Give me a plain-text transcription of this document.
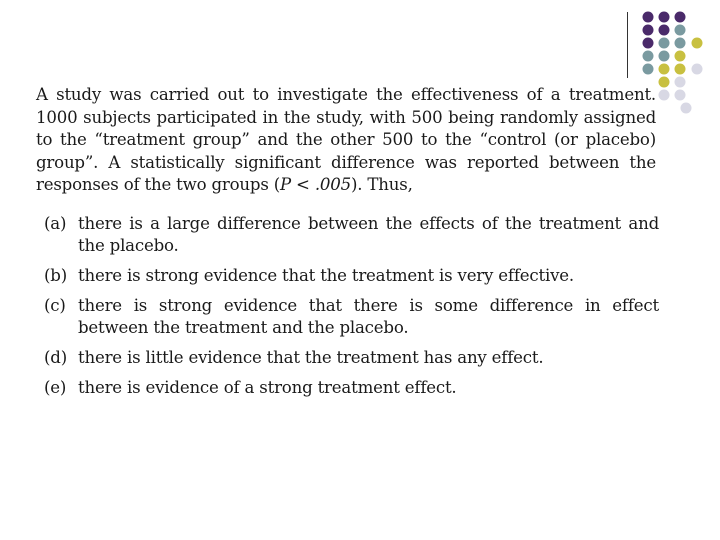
A study was carried out to investigate the effectiveness of a treatment. 1000 subjects participated in the study, with 500 being randomly assigned to the “treatment group” and the other 500 to the “control (or placebo) group”. A statistically significant difference was reported between the responses of the two groups (P < .005). Thus,
(a) there is a large difference between the effects of the treatment and the placebo.
(b) there is strong evidence that the treatment is very effective.
(c) there is strong evidence that there is some difference in effect between the treatment and the placebo.
(d) there is little evidence that the treatment has any effect.
(e) there is evidence of a strong treatment effect.
